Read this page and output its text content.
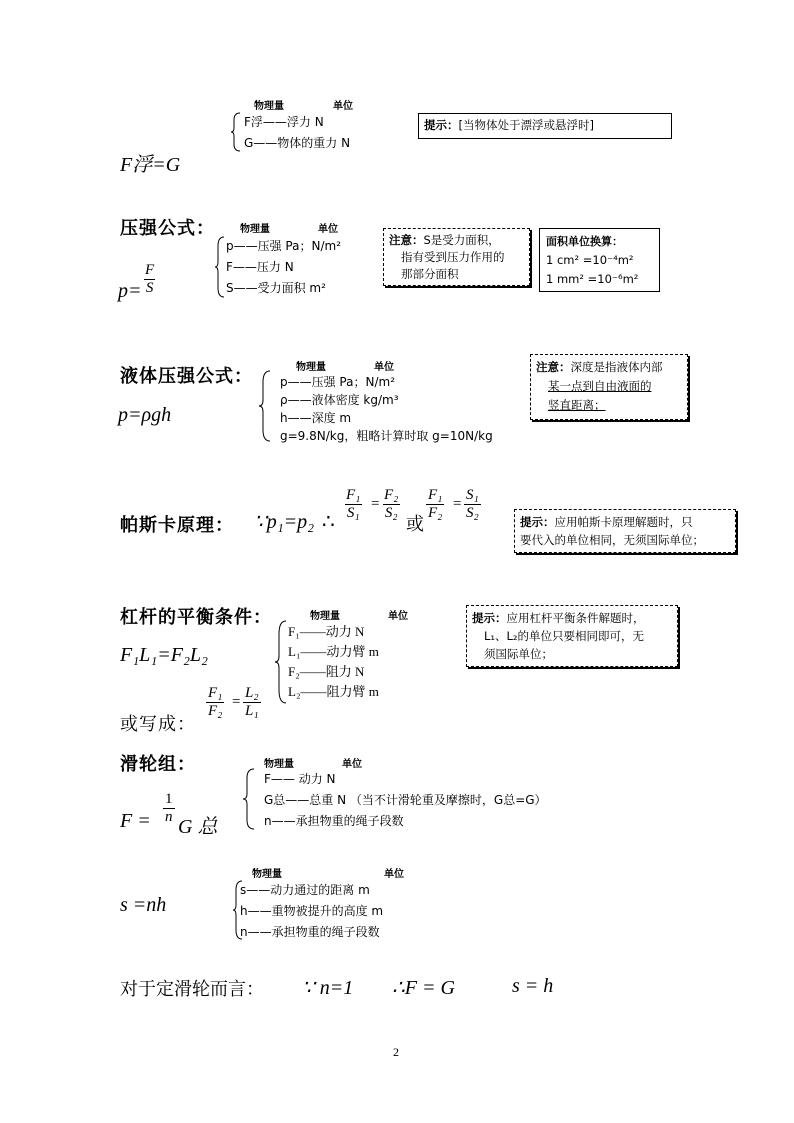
物理量	单位
F浮——浮力 N
G——物体的重力 N
F浮=G
提示：[当物体处于漂浮或悬浮时]
压强公式：	物理量	单位
p——压强 Pa；N/m²
F——压力 N
S——受力面积 m²
$p= \frac{F}{S}$
注意：S是受力面积，
指有受到压力作用的
那部分面积
面积单位换算：
1 cm² =10⁻⁴m²
1 mm² =10⁻⁶m²
液体压强公式：	物理量	单位
p——压强 Pa；N/m²
ρ——液体密度 kg/m³
h——深度 m
g=9.8N/kg，粗略计算时取 g=10N/kg
p=ρgh
注意：深度是指液体内部
某一点到自由液面的
竖直距离；
帕斯卡原理： ∵p₁=p₂ ∴ $\frac{\text{F₁}}{\text{S₁}} = \frac{\text{F₂}}{\text{S₂}}$
或
$\frac{\text{F₁}}{\text{F₂}} = \frac{\text{S₁}}{\text{S₂}}$	提示：应用帕斯卡原理解题时，只
要代入的单位相同，无须国际单位；
杠杆的平衡条件：	物理量	单位
F₁——动力 N
L₁——动力臂 m
F₂——阻力 N
L₂——阻力臂 m
F₁L₁=F₂L₂
$\frac{\text{F₁}}{\text{F₂}} = \frac{\text{L₂}}{\text{L₁}}$
或写成：
提示：应用杠杆平衡条件解题时，
L₁、L₂的单位只要相同即可，无
须国际单位；
滑轮组：	物理量	单位
F—— 动力 N
G总——总重 N （当不计滑轮重及摩擦时，G总=G）
n——承担物重的绳子段数
$F = \frac{1}{n}$
G 总
物理量	单位
s——动力通过的距离 m
h——重物被提升的高度 m
n——承担物重的绳子段数
s =nh
对于定滑轮而言： ∵ n=1 ∴F = G	s = h
2
